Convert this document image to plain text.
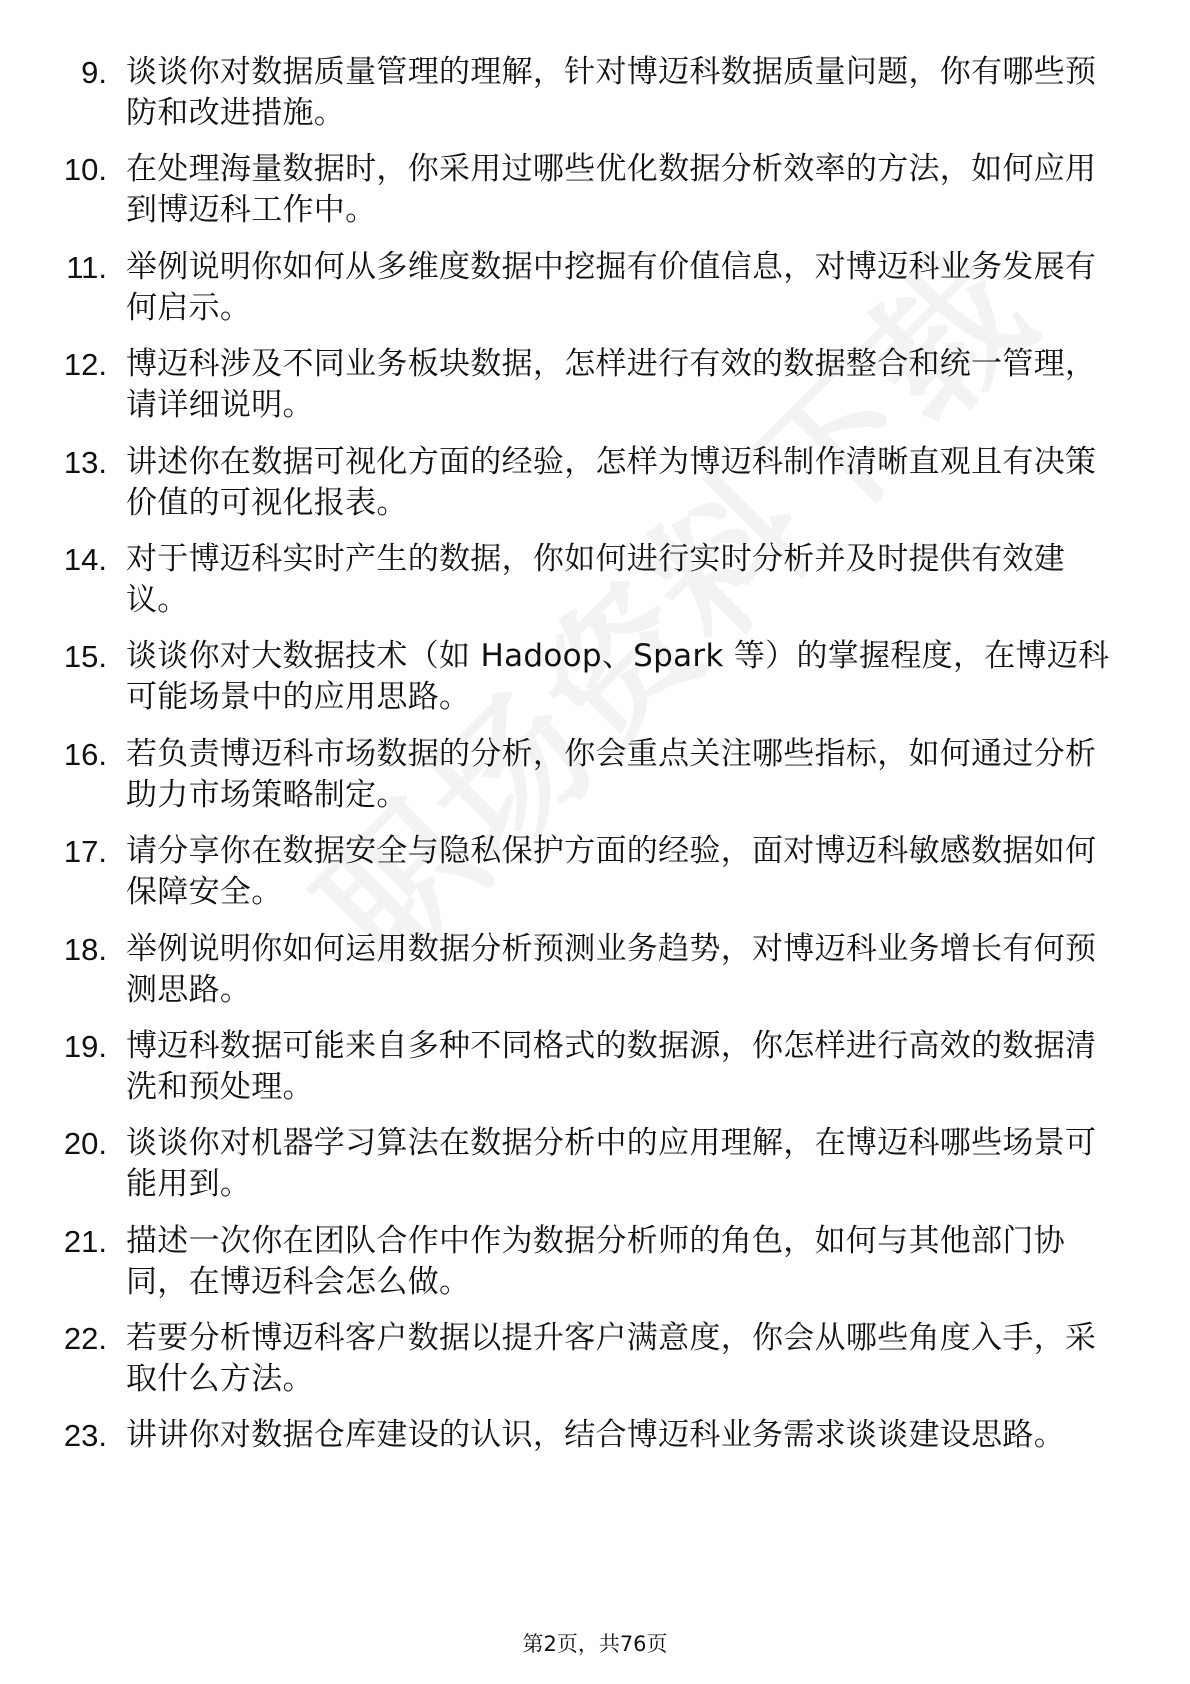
9. 谈谈你对数据质量管理的理解，针对博迈科数据质量问题，你有哪些预防和改进措施。
10. 在处理海量数据时，你采用过哪些优化数据分析效率的方法，如何应用到博迈科工作中。
11. 举例说明你如何从多维度数据中挖掘有价值信息，对博迈科业务发展有何启示。
12. 博迈科涉及不同业务板块数据，怎样进行有效的数据整合和统一管理，请详细说明。
13. 讲述你在数据可视化方面的经验，怎样为博迈科制作清晰直观且有决策价值的可视化报表。
14. 对于博迈科实时产生的数据，你如何进行实时分析并及时提供有效建议。
15. 谈谈你对大数据技术（如 Hadoop、Spark 等）的掌握程度，在博迈科可能场景中的应用思路。
16. 若负责博迈科市场数据的分析，你会重点关注哪些指标，如何通过分析助力市场策略制定。
17. 请分享你在数据安全与隐私保护方面的经验，面对博迈科敏感数据如何保障安全。
18. 举例说明你如何运用数据分析预测业务趋势，对博迈科业务增长有何预测思路。
19. 博迈科数据可能来自多种不同格式的数据源，你怎样进行高效的数据清洗和预处理。
20. 谈谈你对机器学习算法在数据分析中的应用理解，在博迈科哪些场景可能用到。
21. 描述一次你在团队合作中作为数据分析师的角色，如何与其他部门协同，在博迈科会怎么做。
22. 若要分析博迈科客户数据以提升客户满意度，你会从哪些角度入手，采取什么方法。
23. 讲讲你对数据仓库建设的认识，结合博迈科业务需求谈谈建设思路。
第2页，共76页
